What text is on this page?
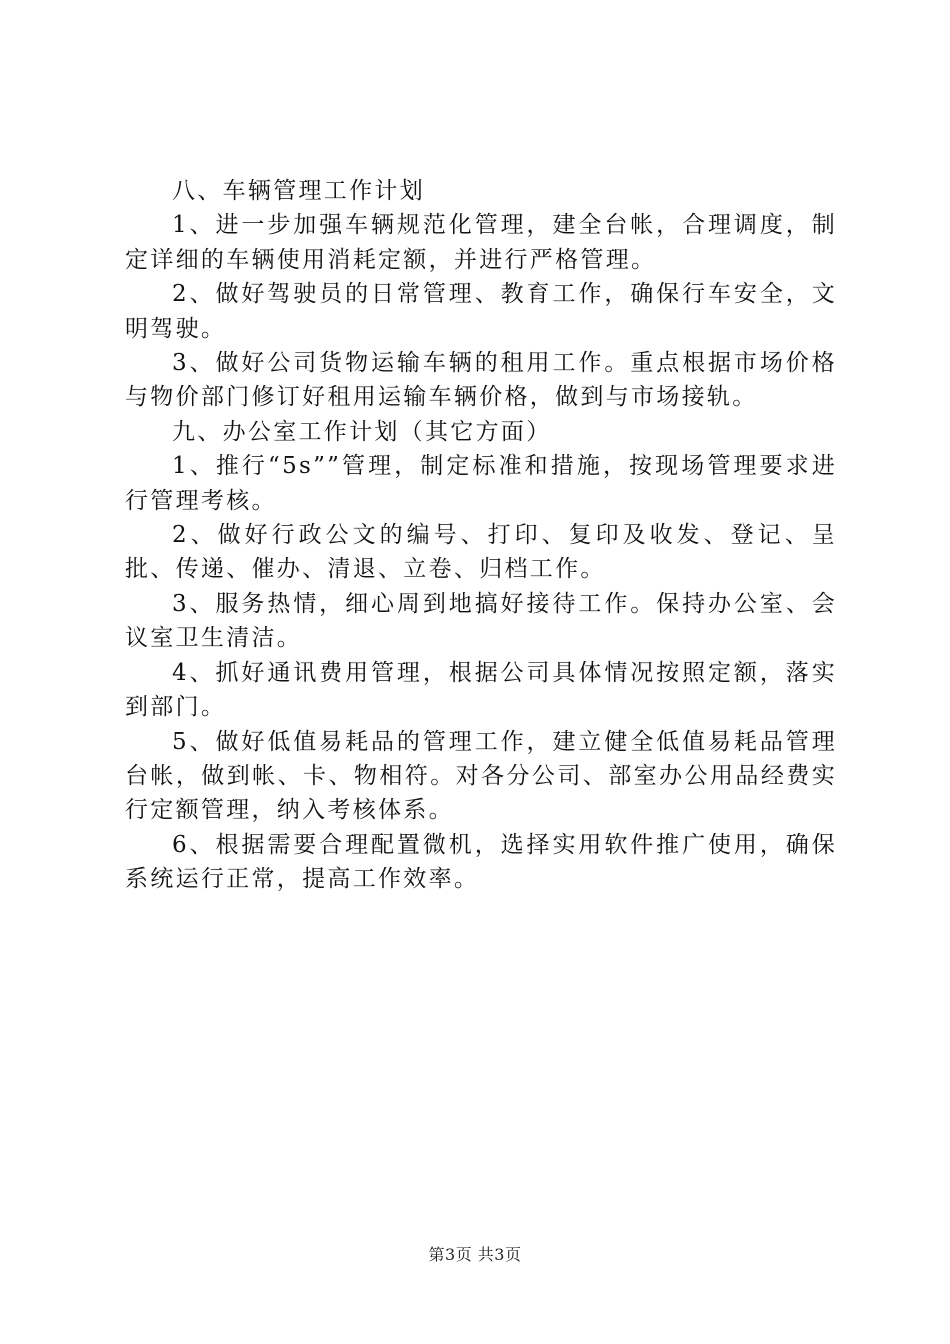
八、车辆管理工作计划

1、进一步加强车辆规范化管理，建全台帐，合理调度，制定详细的车辆使用消耗定额，并进行严格管理。

2、做好驾驶员的日常管理、教育工作，确保行车安全，文明驾驶。

3、做好公司货物运输车辆的租用工作。重点根据市场价格与物价部门修订好租用运输车辆价格，做到与市场接轨。

九、办公室工作计划（其它方面）

1、推行“5s””管理，制定标准和措施，按现场管理要求进行管理考核。

2、做好行政公文的编号、打印、复印及收发、登记、呈批、传递、催办、清退、立卷、归档工作。

3、服务热情，细心周到地搞好接待工作。保持办公室、会议室卫生清洁。

4、抓好通讯费用管理，根据公司具体情况按照定额，落实到部门。

5、做好低值易耗品的管理工作，建立健全低值易耗品管理台帐，做到帐、卡、物相符。对各分公司、部室办公用品经费实行定额管理，纳入考核体系。

6、根据需要合理配置微机，选择实用软件推广使用，确保系统运行正常，提高工作效率。

第3页 共3页
